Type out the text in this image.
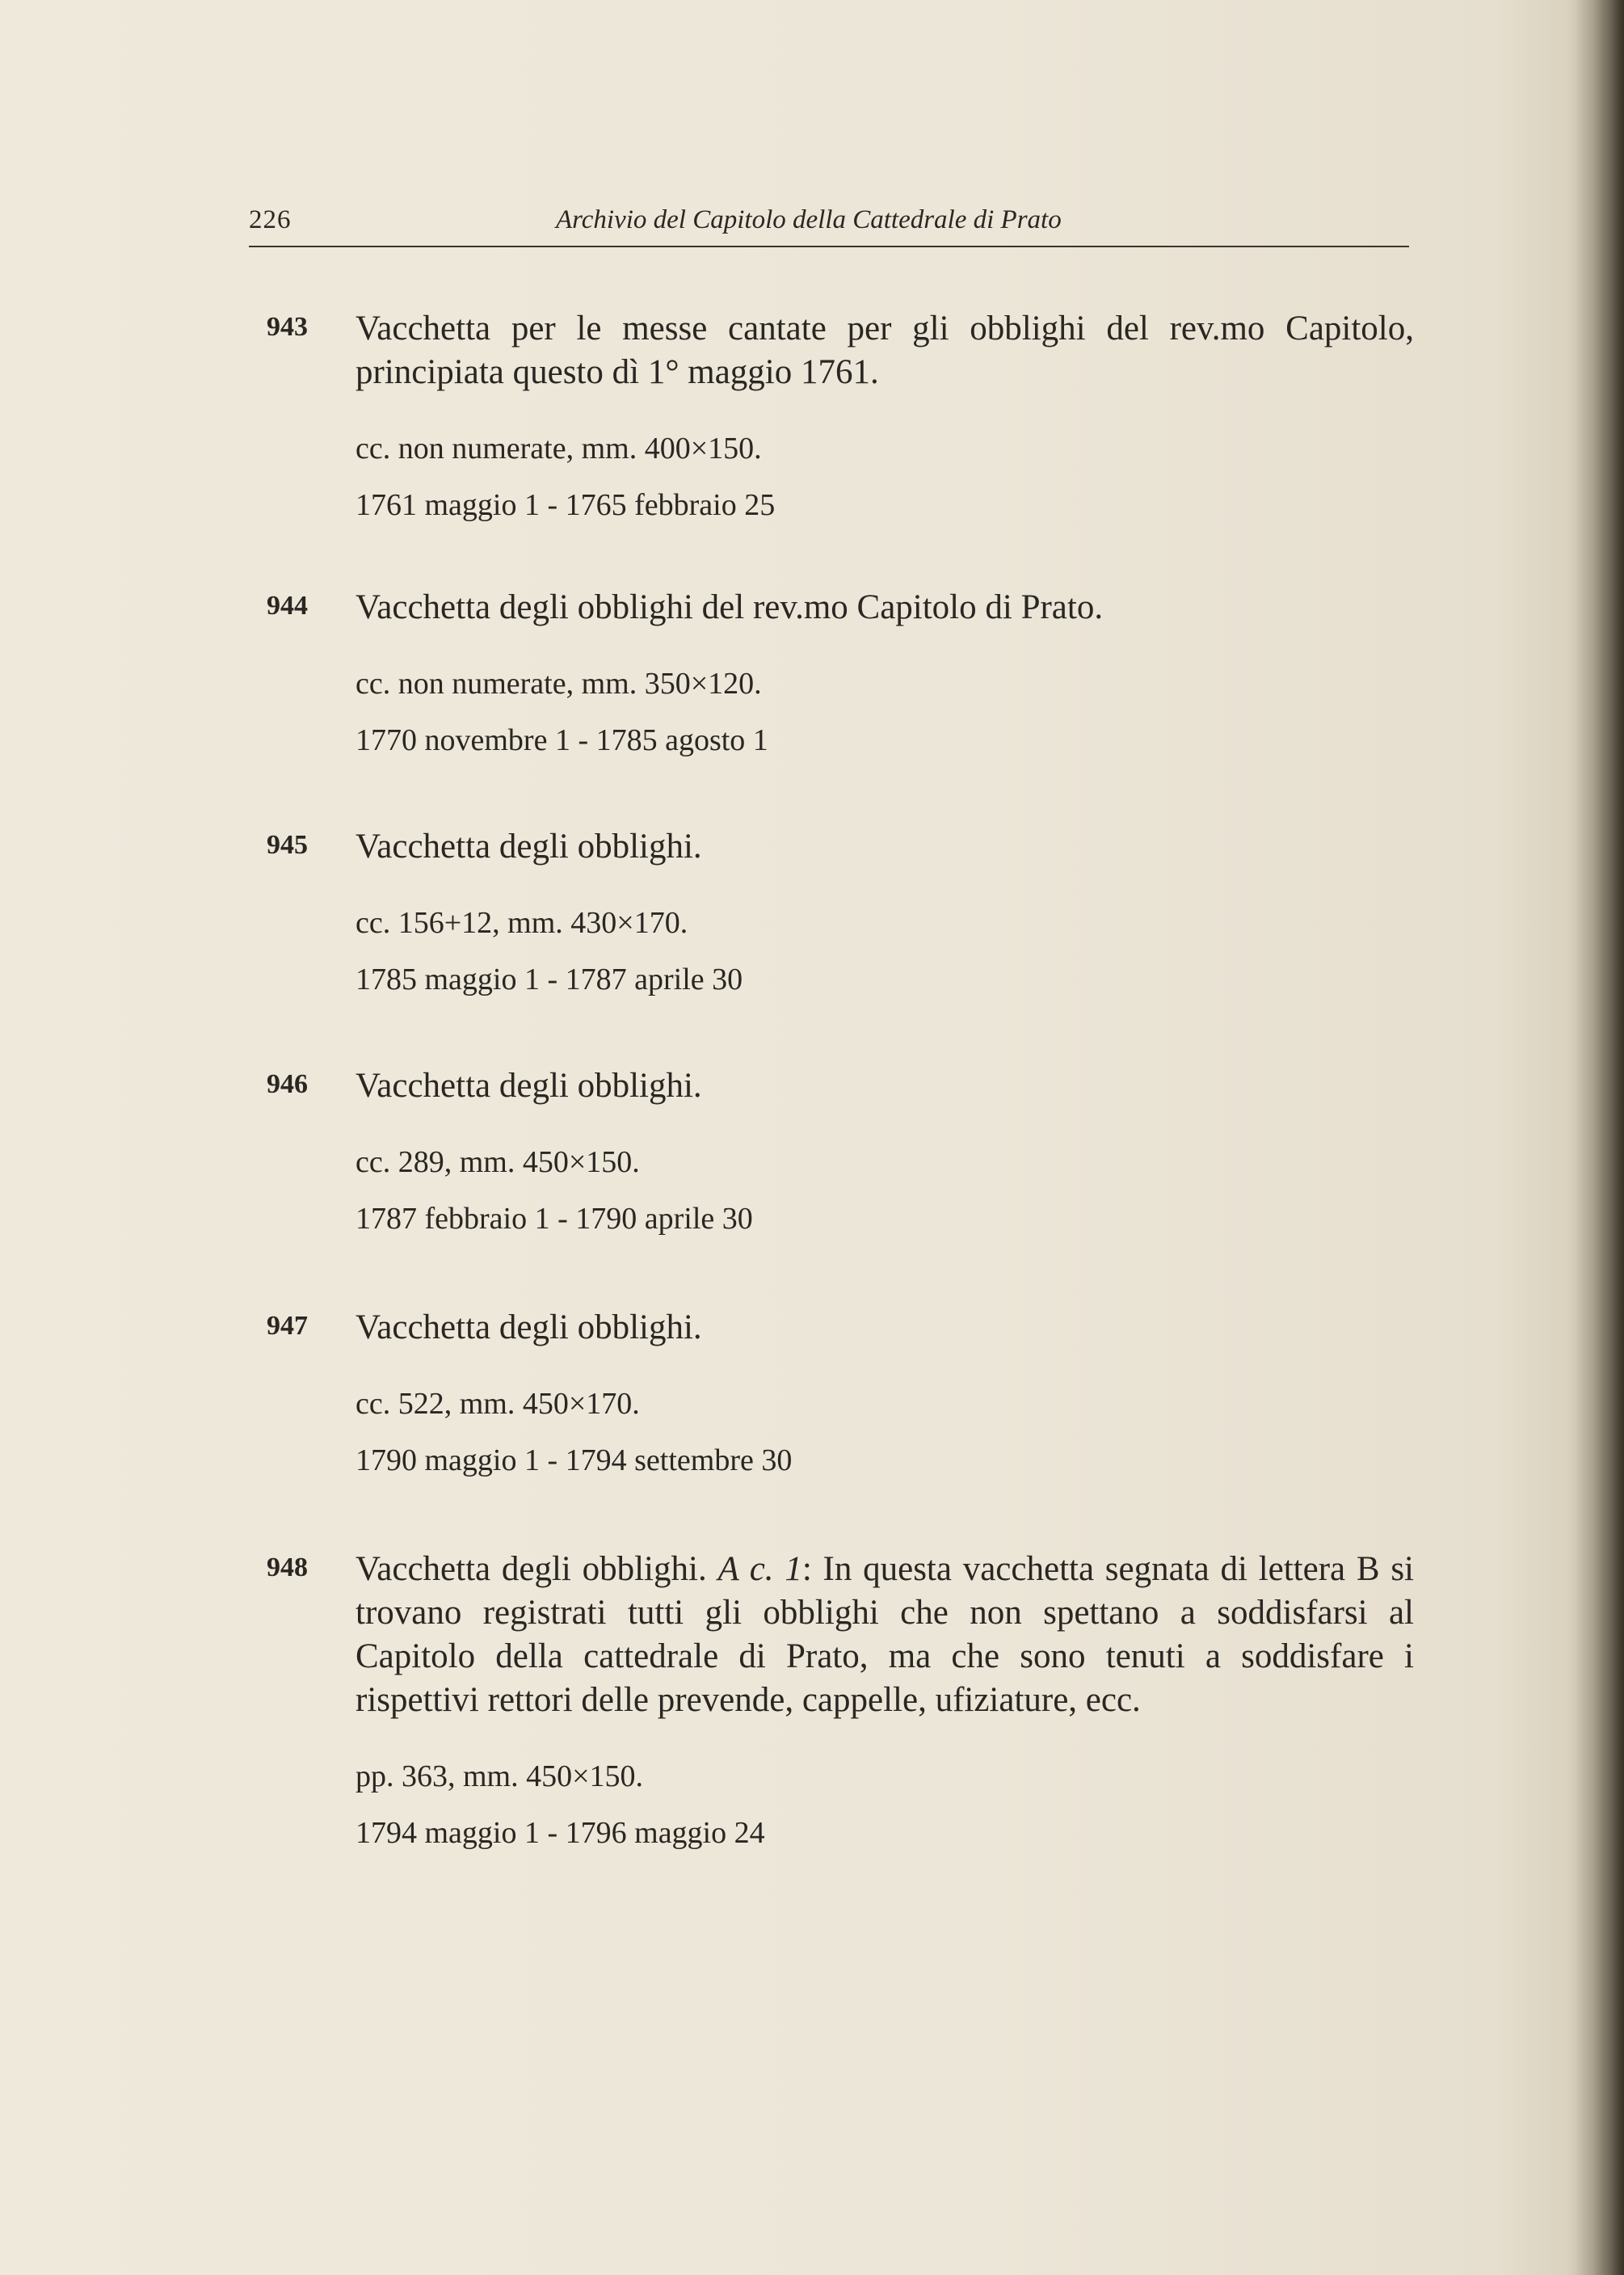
226	Archivio del Capitolo della Cattedrale di Prato
943	Vacchetta per le messe cantate per gli obblighi del rev.mo Capitolo, principiata questo dì 1° maggio 1761.

cc. non numerate, mm. 400×150.

1761 maggio 1 - 1765 febbraio 25

944	Vacchetta degli obblighi del rev.mo Capitolo di Prato.

cc. non numerate, mm. 350×120.

1770 novembre 1 - 1785 agosto 1

945	Vacchetta degli obblighi.

cc. 156+12, mm. 430×170.

1785 maggio 1 - 1787 aprile 30

946	Vacchetta degli obblighi.

cc. 289, mm. 450×150.

1787 febbraio 1 - 1790 aprile 30

947	Vacchetta degli obblighi.

cc. 522, mm. 450×170.

1790 maggio 1 - 1794 settembre 30

948	Vacchetta degli obblighi. A c. 1: In questa vacchetta segnata di lettera B si trovano registrati tutti gli obblighi che non spettano a soddisfarsi al Capitolo della cattedrale di Prato, ma che sono tenuti a soddisfare i rispettivi rettori delle prevende, cappelle, ufiziature, ecc.

pp. 363, mm. 450×150.

1794 maggio 1 - 1796 maggio 24
